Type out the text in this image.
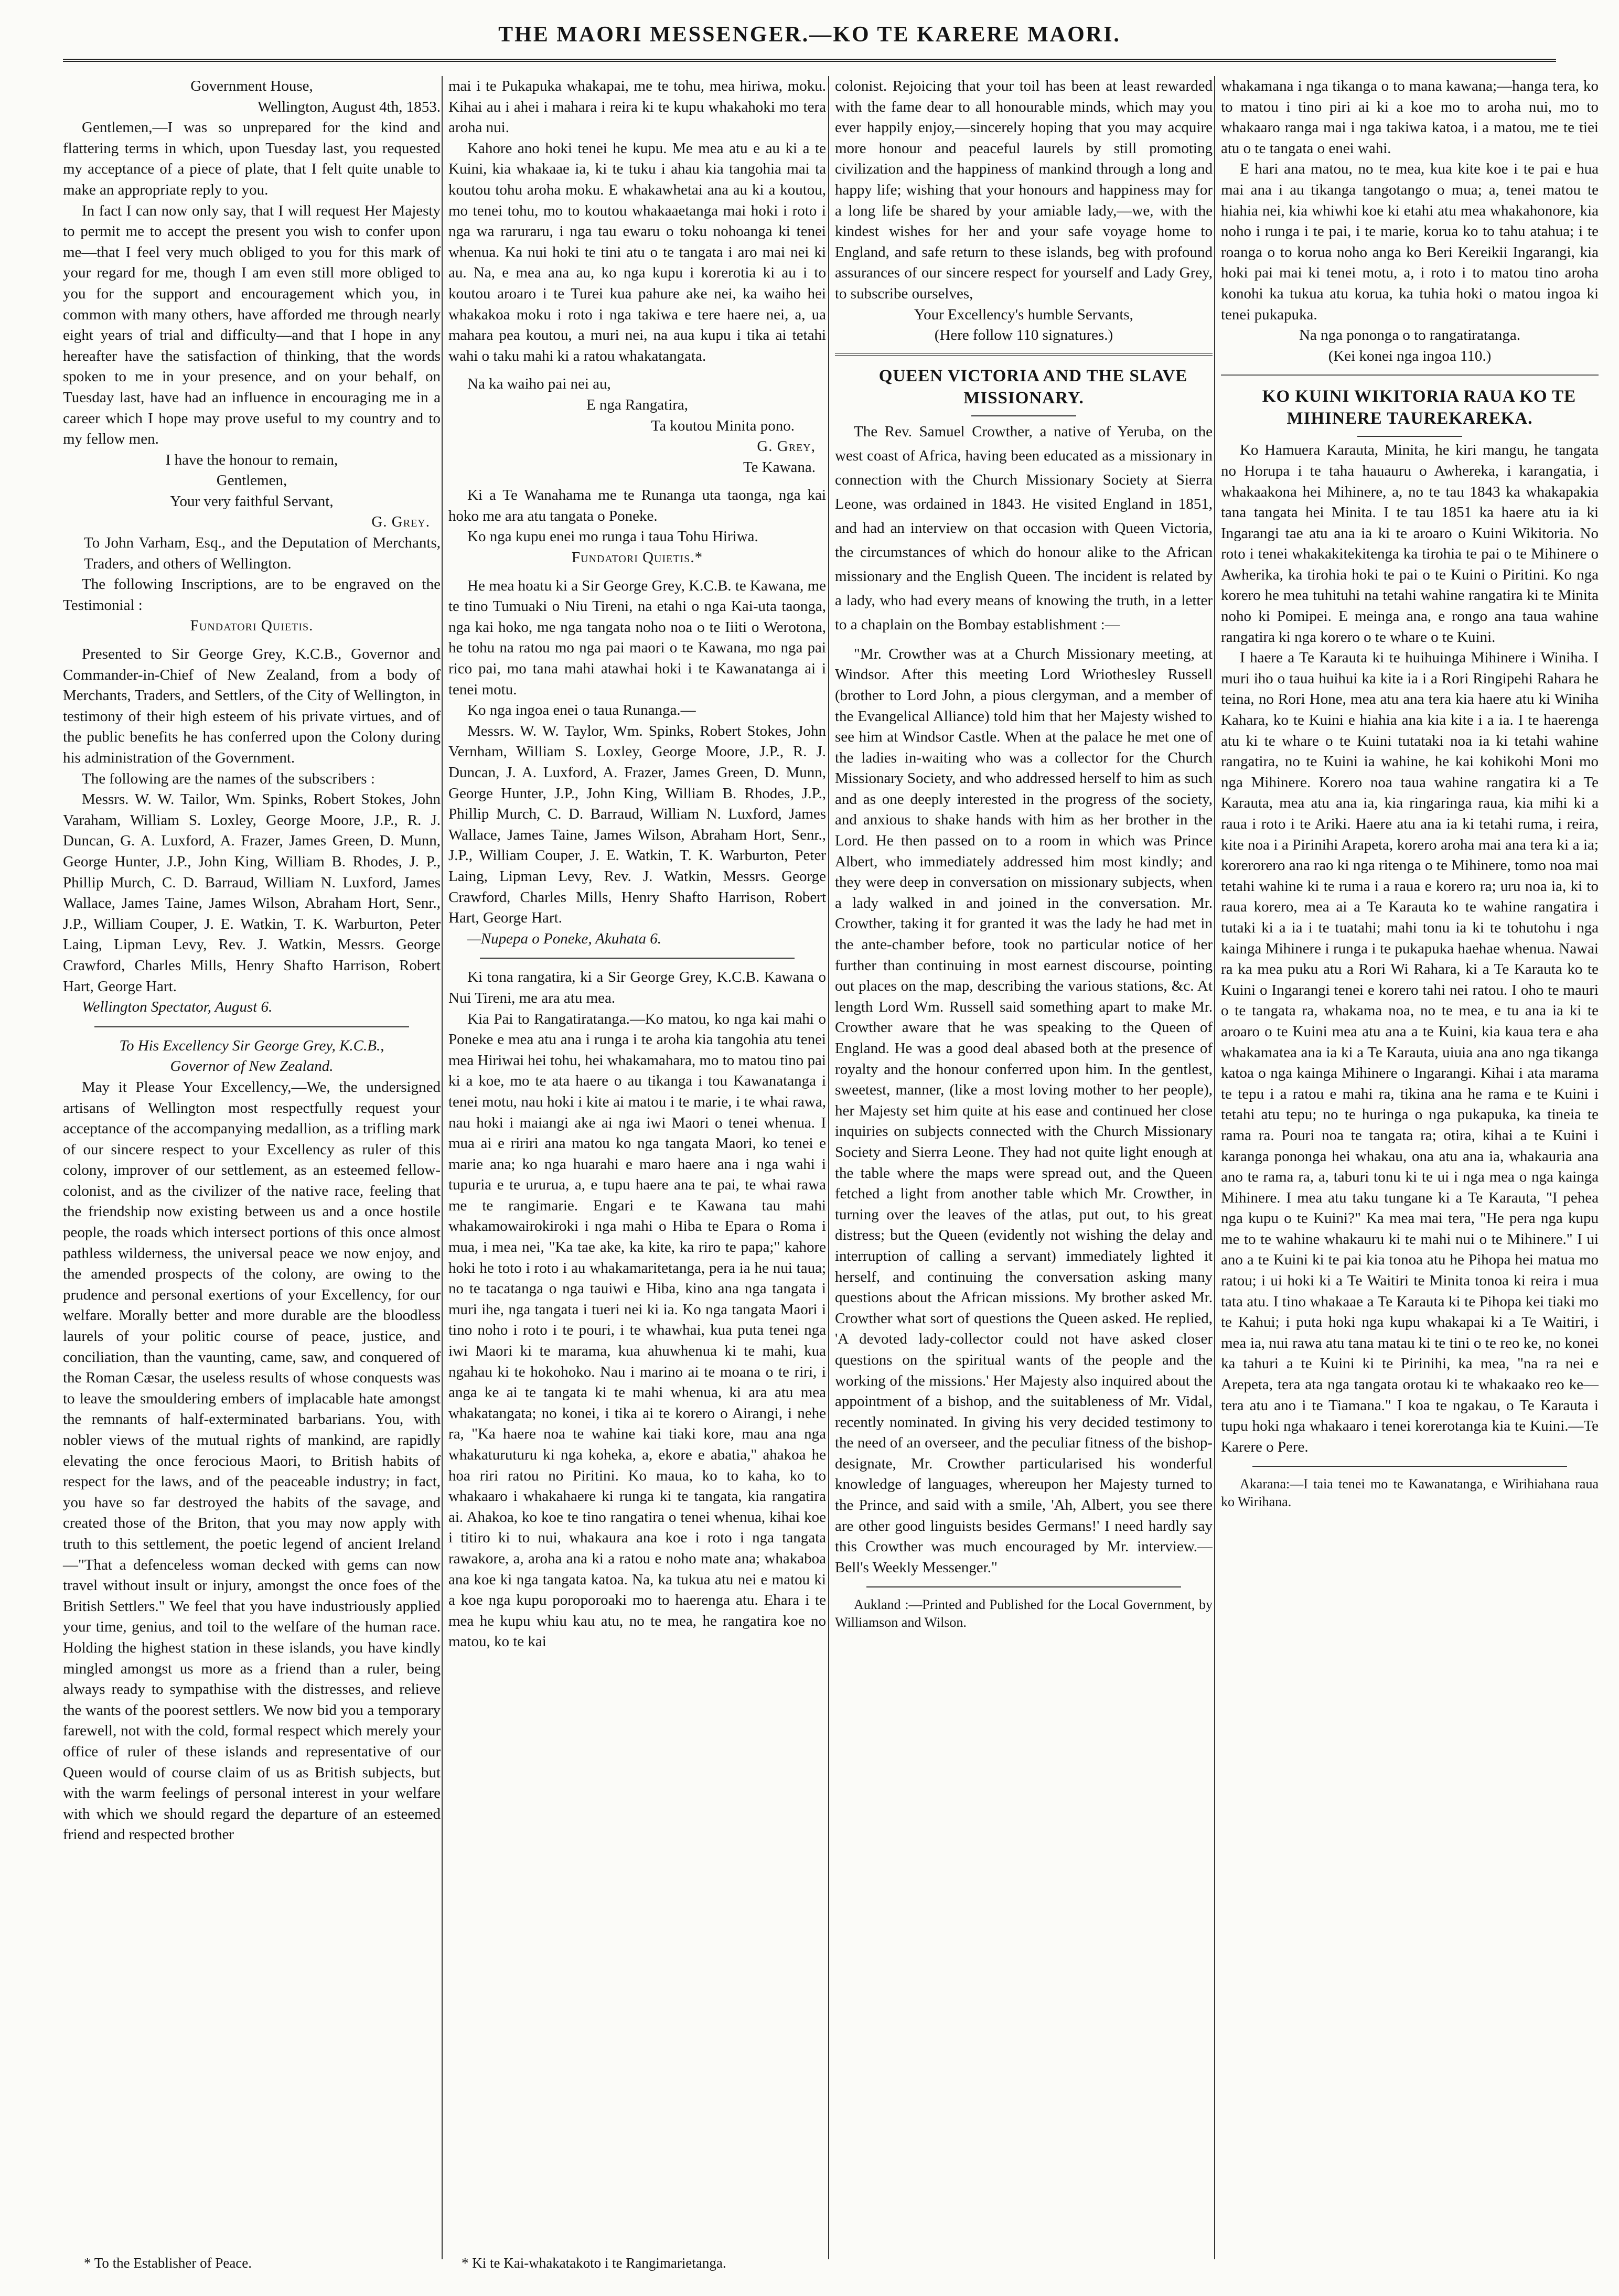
THE MAORI MESSENGER.—KO TE KARERE MAORI.

Government House,

Wellington, August 4th, 1853.

Gentlemen,—I was so unprepared for the kind and flattering terms in which, upon Tuesday last, you requested my acceptance of a piece of plate, that I felt quite unable to make an appropriate reply to you.

In fact I can now only say, that I will request Her Majesty to permit me to accept the present you wish to confer upon me—that I feel very much obliged to you for this mark of your regard for me, though I am even still more obliged to you for the support and encouragement which you, in common with many others, have afforded me through nearly eight years of trial and difficulty—and that I hope in any hereafter have the satisfaction of thinking, that the words spoken to me in your presence, and on your behalf, on Tuesday last, have had an influence in encouraging me in a career which I hope may prove useful to my country and to my fellow men.

I have the honour to remain,

Gentlemen,

Your very faithful Servant,

G. Grey.

To John Varham, Esq., and the Deputation of Merchants, Traders, and others of Wellington.

The following Inscriptions, are to be engraved on the Testimonial :

Fundatori Quietis.

Presented to Sir George Grey, K.C.B., Governor and Commander-in-Chief of New Zealand, from a body of Merchants, Traders, and Settlers, of the City of Wellington, in testimony of their high esteem of his private virtues, and of the public benefits he has conferred upon the Colony during his administration of the Government.

The following are the names of the subscribers :

Messrs. W. W. Tailor, Wm. Spinks, Robert Stokes, John Varaham, William S. Loxley, George Moore, J.P., R. J. Duncan, G. A. Luxford, A. Frazer, James Green, D. Munn, George Hunter, J.P., John King, William B. Rhodes, J. P., Phillip Murch, C. D. Barraud, William N. Luxford, James Wallace, James Taine, James Wilson, Abraham Hort, Senr., J.P., William Couper, J. E. Watkin, T. K. Warburton, Peter Laing, Lipman Levy, Rev. J. Watkin, Messrs. George Crawford, Charles Mills, Henry Shafto Harrison, Robert Hart, George Hart.

Wellington Spectator, August 6.

To His Excellency Sir George Grey, K.C.B.,

Governor of New Zealand.

May it Please Your Excellency,—We, the undersigned artisans of Wellington most respectfully request your acceptance of the accompanying medallion, as a trifling mark of our sincere respect to your Excellency as ruler of this colony, improver of our settlement, as an esteemed fellow-colonist, and as the civilizer of the native race, feeling that the friendship now existing between us and a once hostile people, the roads which intersect portions of this once almost pathless wilderness, the universal peace we now enjoy, and the amended prospects of the colony, are owing to the prudence and personal exertions of your Excellency, for our welfare. Morally better and more durable are the bloodless laurels of your politic course of peace, justice, and conciliation, than the vaunting, came, saw, and conquered of the Roman Cæsar, the useless results of whose conquests was to leave the smouldering embers of implacable hate amongst the remnants of half-exterminated barbarians. You, with nobler views of the mutual rights of mankind, are rapidly elevating the once ferocious Maori, to British habits of respect for the laws, and of the peaceable industry; in fact, you have so far destroyed the habits of the savage, and created those of the Briton, that you may now apply with truth to this settlement, the poetic legend of ancient Ireland—"That a defenceless woman decked with gems can now travel without insult or injury, amongst the once foes of the British Settlers." We feel that you have industriously applied your time, genius, and toil to the welfare of the human race. Holding the highest station in these islands, you have kindly mingled amongst us more as a friend than a ruler, being always ready to sympathise with the distresses, and relieve the wants of the poorest settlers. We now bid you a temporary farewell, not with the cold, formal respect which merely your office of ruler of these islands and representative of our Queen would of course claim of us as British subjects, but with the warm feelings of personal interest in your welfare with which we should regard the departure of an esteemed friend and respected brother

* To the Establisher of Peace.

mai i te Pukapuka whakapai, me te tohu, mea hiriwa, moku. Kihai au i ahei i mahara i reira ki te kupu whakahoki mo tera aroha nui.

Kahore ano hoki tenei he kupu. Me mea atu e au ki a te Kuini, kia whakaae ia, ki te tuku i ahau kia tangohia mai ta koutou tohu aroha moku. E whakawhetai ana au ki a koutou, mo tenei tohu, mo to koutou whakaaetanga mai hoki i roto i nga wa raruraru, i nga tau ewaru o toku nohoanga ki tenei whenua. Ka nui hoki te tini atu o te tangata i aro mai nei ki au. Na, e mea ana au, ko nga kupu i korerotia ki au i to koutou aroaro i te Turei kua pahure ake nei, ka waiho hei whakakoa moku i roto i nga takiwa e tere haere nei, a, ua mahara pea koutou, a muri nei, na aua kupu i tika ai tetahi wahi o taku mahi ki a ratou whakatangata.

Na ka waiho pai nei au,

E nga Rangatira,

Ta koutou Minita pono.

G. Grey,

Te Kawana.

Ki a Te Wanahama me te Runanga uta taonga, nga kai hoko me ara atu tangata o Poneke.

Ko nga kupu enei mo runga i taua Tohu Hiriwa.

Fundatori Quietis.*

He mea hoatu ki a Sir George Grey, K.C.B. te Kawana, me te tino Tumuaki o Niu Tireni, na etahi o nga Kai-uta taonga, nga kai hoko, me nga tangata noho noa o te Iiiti o Werotona, he tohu na ratou mo nga pai maori o te Kawana, mo nga pai rico pai, mo tana mahi atawhai hoki i te Kawanatanga ai i tenei motu.

Ko nga ingoa enei o taua Runanga.—

Messrs. W. W. Taylor, Wm. Spinks, Robert Stokes, John Vernham, William S. Loxley, George Moore, J.P., R. J. Duncan, J. A. Luxford, A. Frazer, James Green, D. Munn, George Hunter, J.P., John King, William B. Rhodes, J.P., Phillip Murch, C. D. Barraud, William N. Luxford, James Wallace, James Taine, James Wilson, Abraham Hort, Senr., J.P., William Couper, J. E. Watkin, T. K. Warburton, Peter Laing, Lipman Levy, Rev. J. Watkin, Messrs. George Crawford, Charles Mills, Henry Shafto Harrison, Robert Hart, George Hart.

—Nupepa o Poneke, Akuhata 6.

Ki tona rangatira, ki a Sir George Grey, K.C.B. Kawana o Nui Tireni, me ara atu mea.

Kia Pai to Rangatiratanga.—Ko matou, ko nga kai mahi o Poneke e mea atu ana i runga i te aroha kia tangohia atu tenei mea Hiriwai hei tohu, hei whakamahara, mo to matou tino pai ki a koe, mo te ata haere o au tikanga i tou Kawanatanga i tenei motu, nau hoki i kite ai matou i te marie, i te whai rawa, nau hoki i maiangi ake ai nga iwi Maori o tenei whenua. I mua ai e ririri ana matou ko nga tangata Maori, ko tenei e marie ana; ko nga huarahi e maro haere ana i nga wahi i tupuria e te ururua, a, e tupu haere ana te pai, te whai rawa me te rangimarie. Engari e te Kawana tau mahi whakamowairokiroki i nga mahi o Hiba te Epara o Roma i mua, i mea nei, "Ka tae ake, ka kite, ka riro te papa;" kahore hoki he toto i roto i au whakamaritetanga, pera ia he nui taua; no te tacatanga o nga tauiwi e Hiba, kino ana nga tangata i muri ihe, nga tangata i tueri nei ki ia. Ko nga tangata Maori i tino noho i roto i te pouri, i te whawhai, kua puta tenei nga iwi Maori ki te marama, kua ahuwhenua ki te mahi, kua ngahau ki te hokohoko. Nau i marino ai te moana o te riri, i anga ke ai te tangata ki te mahi whenua, ki ara atu mea whakatangata; no konei, i tika ai te korero o Airangi, i nehe ra, "Ka haere noa te wahine kai tiaki kore, mau ana nga whakaturuturu ki nga koheka, a, ekore e abatia," ahakoa he hoa riri ratou no Piritini. Ko maua, ko to kaha, ko to whakaaro i whakahaere ki runga ki te tangata, kia rangatira ai. Ahakoa, ko koe te tino rangatira o tenei whenua, kihai koe i titiro ki to nui, whakaura ana koe i roto i nga tangata rawakore, a, aroha ana ki a ratou e noho mate ana; whakaboa ana koe ki nga tangata katoa. Na, ka tukua atu nei e matou ki a koe nga kupu poroporoaki mo to haerenga atu. Ehara i te mea he kupu whiu kau atu, no te mea, he rangatira koe no matou, ko te kai

* Ki te Kai-whakatakoto i te Rangimarietanga.

colonist. Rejoicing that your toil has been at least rewarded with the fame dear to all honourable minds, which may you ever happily enjoy,—sincerely hoping that you may acquire more honour and peaceful laurels by still promoting civilization and the happiness of mankind through a long and happy life; wishing that your honours and happiness may for a long life be shared by your amiable lady,—we, with the kindest wishes for her and your safe voyage home to England, and safe return to these islands, beg with profound assurances of our sincere respect for yourself and Lady Grey, to subscribe ourselves,

Your Excellency's humble Servants,

(Here follow 110 signatures.)

QUEEN VICTORIA AND THE SLAVE MISSIONARY.

The Rev. Samuel Crowther, a native of Yeruba, on the west coast of Africa, having been educated as a missionary in connection with the Church Missionary Society at Sierra Leone, was ordained in 1843. He visited England in 1851, and had an interview on that occasion with Queen Victoria, the circumstances of which do honour alike to the African missionary and the English Queen. The incident is related by a lady, who had every means of knowing the truth, in a letter to a chaplain on the Bombay establishment :—

"Mr. Crowther was at a Church Missionary meeting, at Windsor. After this meeting Lord Wriothesley Russell (brother to Lord John, a pious clergyman, and a member of the Evangelical Alliance) told him that her Majesty wished to see him at Windsor Castle. When at the palace he met one of the ladies in-waiting who was a collector for the Church Missionary Society, and who addressed herself to him as such and as one deeply interested in the progress of the society, and anxious to shake hands with him as her brother in the Lord. He then passed on to a room in which was Prince Albert, who immediately addressed him most kindly; and they were deep in conversation on missionary subjects, when a lady walked in and joined in the conversation. Mr. Crowther, taking it for granted it was the lady he had met in the ante-chamber before, took no particular notice of her further than continuing in most earnest discourse, pointing out places on the map, describing the various stations, &c. At length Lord Wm. Russell said something apart to make Mr. Crowther aware that he was speaking to the Queen of England. He was a good deal abased both at the presence of royalty and the honour conferred upon him. In the gentlest, sweetest, manner, (like a most loving mother to her people), her Majesty set him quite at his ease and continued her close inquiries on subjects connected with the Church Missionary Society and Sierra Leone. They had not quite light enough at the table where the maps were spread out, and the Queen fetched a light from another table which Mr. Crowther, in turning over the leaves of the atlas, put out, to his great distress; but the Queen (evidently not wishing the delay and interruption of calling a servant) immediately lighted it herself, and continuing the conversation asking many questions about the African missions. My brother asked Mr. Crowther what sort of questions the Queen asked. He replied, 'A devoted lady-collector could not have asked closer questions on the spiritual wants of the people and the working of the missions.' Her Majesty also inquired about the appointment of a bishop, and the suitableness of Mr. Vidal, recently nominated. In giving his very decided testimony to the need of an overseer, and the peculiar fitness of the bishop-designate, Mr. Crowther particularised his wonderful knowledge of languages, whereupon her Majesty turned to the Prince, and said with a smile, 'Ah, Albert, you see there are other good linguists besides Germans!' I need hardly say this Crowther was much encouraged by Mr. interview.—Bell's Weekly Messenger."

Aukland :—Printed and Published for the Local Government, by Williamson and Wilson.

whakamana i nga tikanga o to mana kawana;—hanga tera, ko to matou i tino piri ai ki a koe mo to aroha nui, mo to whakaaro ranga mai i nga takiwa katoa, i a matou, me te tiei atu o te tangata o enei wahi.

E hari ana matou, no te mea, kua kite koe i te pai e hua mai ana i au tikanga tangotango o mua; a, tenei matou te hiahia nei, kia whiwhi koe ki etahi atu mea whakahonore, kia noho i runga i te pai, i te marie, korua ko to tahu atahua; i te roanga o to korua noho anga ko Beri Kereikii Ingarangi, kia hoki pai mai ki tenei motu, a, i roto i to matou tino aroha konohi ka tukua atu korua, ka tuhia hoki o matou ingoa ki tenei pukapuka.

Na nga pononga o to rangatiratanga.

(Kei konei nga ingoa 110.)

KO KUINI WIKITORIA RAUA KO TE MIHINERE TAUREKAREKA.

Ko Hamuera Karauta, Minita, he kiri mangu, he tangata no Horupa i te taha hauauru o Awhereka, i karangatia, i whakaakona hei Mihinere, a, no te tau 1843 ka whakapakia tana tangata hei Minita. I te tau 1851 ka haere atu ia ki Ingarangi tae atu ana ia ki te aroaro o Kuini Wikitoria. No roto i tenei whakakitekitenga ka tirohia te pai o te Mihinere o Awherika, ka tirohia hoki te pai o te Kuini o Piritini. Ko nga korero he mea tuhituhi na tetahi wahine rangatira ki te Minita noho ki Pomipei. E meinga ana, e rongo ana taua wahine rangatira ki nga korero o te whare o te Kuini.

I haere a Te Karauta ki te huihuinga Mihinere i Winiha. I muri iho o taua huihui ka kite ia i a Rori Ringipehi Rahara he teina, no Rori Hone, mea atu ana tera kia haere atu ki Winiha Kahara, ko te Kuini e hiahia ana kia kite i a ia. I te haerenga atu ki te whare o te Kuini tutataki noa ia ki tetahi wahine rangatira, no te Kuini ia wahine, he kai kohikohi Moni mo nga Mihinere. Korero noa taua wahine rangatira ki a Te Karauta, mea atu ana ia, kia ringaringa raua, kia mihi ki a raua i roto i te Ariki. Haere atu ana ia ki tetahi ruma, i reira, kite noa i a Pirinihi Arapeta, korero aroha mai ana tera ki a ia; korerorero ana rao ki nga ritenga o te Mihinere, tomo noa mai tetahi wahine ki te ruma i a raua e korero ra; uru noa ia, ki to raua korero, mea ai a Te Karauta ko te wahine rangatira i tutaki ki a ia i te tuatahi; mahi tonu ia ki te tohutohu i nga kainga Mihinere i runga i te pukapuka haehae whenua. Nawai ra ka mea puku atu a Rori Wi Rahara, ki a Te Karauta ko te Kuini o Ingarangi tenei e korero tahi nei ratou. I oho te mauri o te tangata ra, whakama noa, no te mea, e tu ana ia ki te aroaro o te Kuini mea atu ana a te Kuini, kia kaua tera e aha whakamatea ana ia ki a Te Karauta, uiuia ana ano nga tikanga katoa o nga kainga Mihinere o Ingarangi. Kihai i ata marama te tepu i a ratou e mahi ra, tikina ana he rama e te Kuini i tetahi atu tepu; no te huringa o nga pukapuka, ka tineia te rama ra. Pouri noa te tangata ra; otira, kihai a te Kuini i karanga pononga hei whakau, ona atu ana ia, whakauria ana ano te rama ra, a, taburi tonu ki te ui i nga mea o nga kainga Mihinere. I mea atu taku tungane ki a Te Karauta, "I pehea nga kupu o te Kuini?" Ka mea mai tera, "He pera nga kupu me to te wahine whakauru ki te mahi nui o te Mihinere." I ui ano a te Kuini ki te pai kia tonoa atu he Pihopa hei matua mo ratou; i ui hoki ki a Te Waitiri te Minita tonoa ki reira i mua tata atu. I tino whakaae a Te Karauta ki te Pihopa kei tiaki mo te Kahui; i puta hoki nga kupu whakapai ki a Te Waitiri, i mea ia, nui rawa atu tana matau ki te tini o te reo ke, no konei ka tahuri a te Kuini ki te Pirinihi, ka mea, "na ra nei e Arepeta, tera ata nga tangata orotau ki te whakaako reo ke—tera atu ano i te Tiamana." I koa te ngakau, o Te Karauta i tupu hoki nga whakaaro i tenei korerotanga kia te Kuini.—Te Karere o Pere.

Akarana:—I taia tenei mo te Kawanatanga, e Wirihiahana raua ko Wirihana.
